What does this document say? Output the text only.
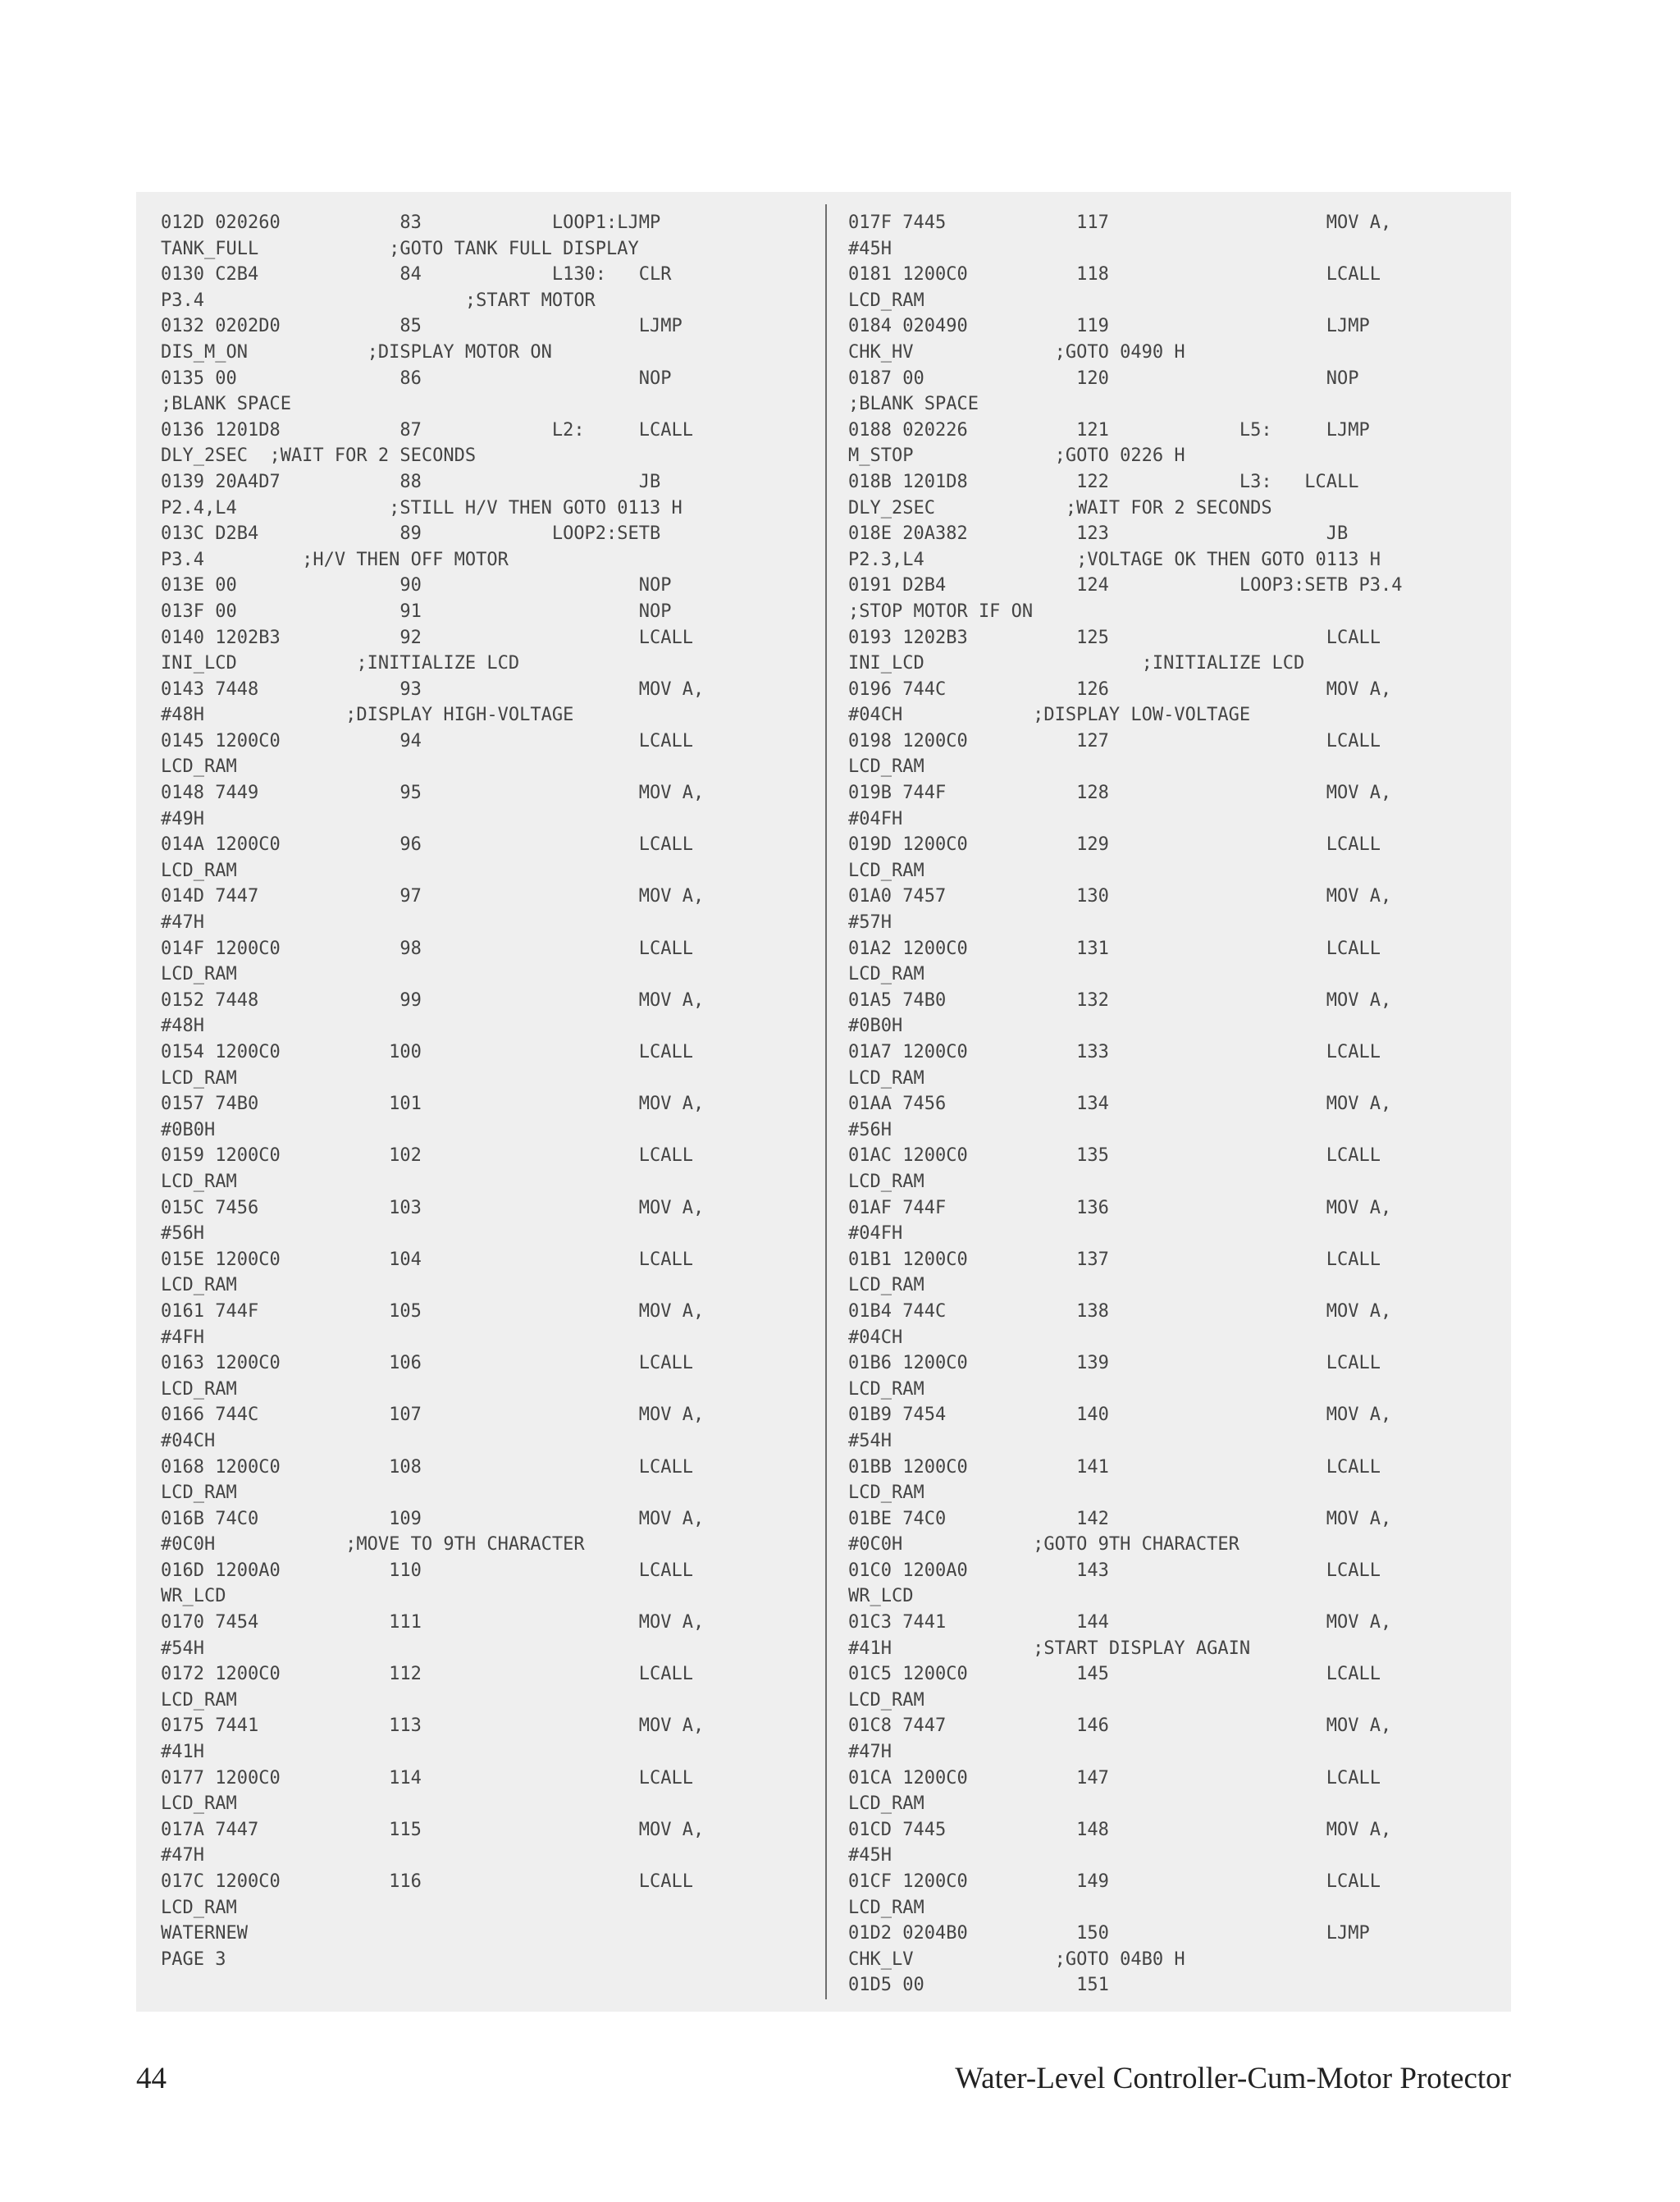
012D 020260           83            LOOP1:LJMP
TANK_FULL            ;GOTO TANK FULL DISPLAY
0130 C2B4             84            L130:   CLR
P3.4                        ;START MOTOR
0132 0202D0           85                    LJMP
DIS_M_ON           ;DISPLAY MOTOR ON
0135 00               86                    NOP
;BLANK SPACE
0136 1201D8           87            L2:     LCALL
DLY_2SEC  ;WAIT FOR 2 SECONDS
0139 20A4D7           88                    JB
P2.4,L4              ;STILL H/V THEN GOTO 0113 H
013C D2B4             89            LOOP2:SETB
P3.4         ;H/V THEN OFF MOTOR
013E 00               90                    NOP
013F 00               91                    NOP
0140 1202B3           92                    LCALL
INI_LCD           ;INITIALIZE LCD
0143 7448             93                    MOV A,
#48H             ;DISPLAY HIGH-VOLTAGE
0145 1200C0           94                    LCALL
LCD_RAM
0148 7449             95                    MOV A,
#49H
014A 1200C0           96                    LCALL
LCD_RAM
014D 7447             97                    MOV A,
#47H
014F 1200C0           98                    LCALL
LCD_RAM
0152 7448             99                    MOV A,
#48H
0154 1200C0          100                    LCALL
LCD_RAM
0157 74B0            101                    MOV A,
#0B0H
0159 1200C0          102                    LCALL
LCD_RAM
015C 7456            103                    MOV A,
#56H
015E 1200C0          104                    LCALL
LCD_RAM
0161 744F            105                    MOV A,
#4FH
0163 1200C0          106                    LCALL
LCD_RAM
0166 744C            107                    MOV A,
#04CH
0168 1200C0          108                    LCALL
LCD_RAM
016B 74C0            109                    MOV A,
#0C0H            ;MOVE TO 9TH CHARACTER
016D 1200A0          110                    LCALL
WR_LCD
0170 7454            111                    MOV A,
#54H
0172 1200C0          112                    LCALL
LCD_RAM
0175 7441            113                    MOV A,
#41H
0177 1200C0          114                    LCALL
LCD_RAM
017A 7447            115                    MOV A,
#47H
017C 1200C0          116                    LCALL
LCD_RAM
WATERNEW
PAGE 3
017F 7445            117                    MOV A,
#45H
0181 1200C0          118                    LCALL
LCD_RAM
0184 020490          119                    LJMP
CHK_HV             ;GOTO 0490 H
0187 00              120                    NOP
;BLANK SPACE
0188 020226          121            L5:     LJMP
M_STOP             ;GOTO 0226 H
018B 1201D8          122            L3:   LCALL
DLY_2SEC            ;WAIT FOR 2 SECONDS
018E 20A382          123                    JB
P2.3,L4              ;VOLTAGE OK THEN GOTO 0113 H
0191 D2B4            124            LOOP3:SETB P3.4
;STOP MOTOR IF ON
0193 1202B3          125                    LCALL
INI_LCD                    ;INITIALIZE LCD
0196 744C            126                    MOV A,
#04CH            ;DISPLAY LOW-VOLTAGE
0198 1200C0          127                    LCALL
LCD_RAM
019B 744F            128                    MOV A,
#04FH
019D 1200C0          129                    LCALL
LCD_RAM
01A0 7457            130                    MOV A,
#57H
01A2 1200C0          131                    LCALL
LCD_RAM
01A5 74B0            132                    MOV A,
#0B0H
01A7 1200C0          133                    LCALL
LCD_RAM
01AA 7456            134                    MOV A,
#56H
01AC 1200C0          135                    LCALL
LCD_RAM
01AF 744F            136                    MOV A,
#04FH
01B1 1200C0          137                    LCALL
LCD_RAM
01B4 744C            138                    MOV A,
#04CH
01B6 1200C0          139                    LCALL
LCD_RAM
01B9 7454            140                    MOV A,
#54H
01BB 1200C0          141                    LCALL
LCD_RAM
01BE 74C0            142                    MOV A,
#0C0H            ;GOTO 9TH CHARACTER
01C0 1200A0          143                    LCALL
WR_LCD
01C3 7441            144                    MOV A,
#41H             ;START DISPLAY AGAIN
01C5 1200C0          145                    LCALL
LCD_RAM
01C8 7447            146                    MOV A,
#47H
01CA 1200C0          147                    LCALL
LCD_RAM
01CD 7445            148                    MOV A,
#45H
01CF 1200C0          149                    LCALL
LCD_RAM
01D2 0204B0          150                    LJMP
CHK_LV             ;GOTO 04B0 H
01D5 00              151
44	Water-Level Controller-Cum-Motor Protector
